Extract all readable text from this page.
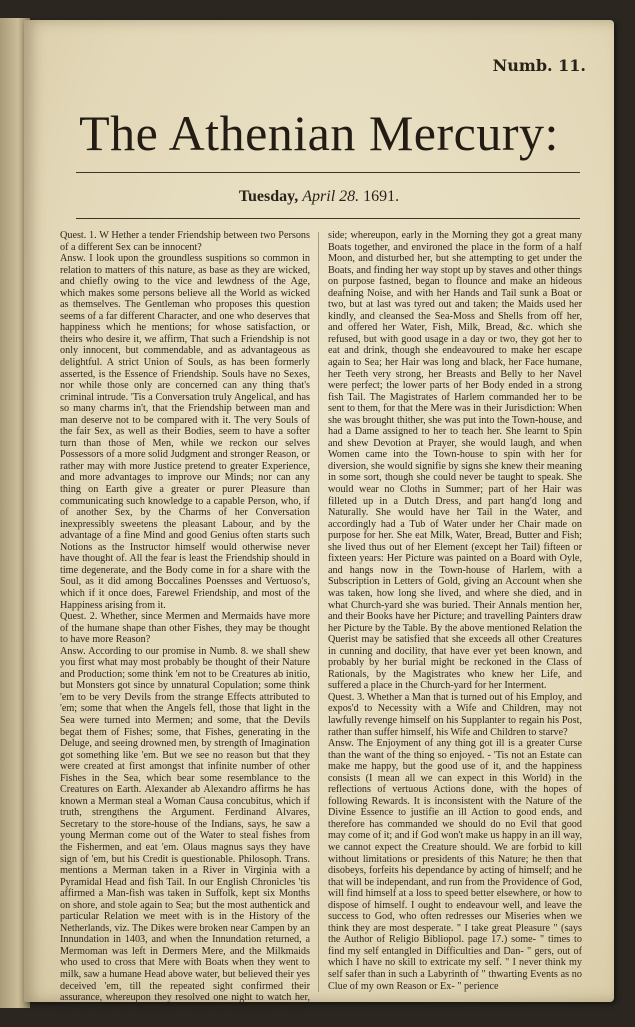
Numb. 11.
The Athenian Mercury:
Tuesday, April 28. 1691.

Quest. 1. W Hether a tender Friendship between two Persons of a different Sex can be innocent?

Answ. I look upon the groundless suspitions so common in relation to matters of this nature, as base as they are wicked, and chiefly owing to the vice and lewdness of the Age, which makes some persons believe all the World as wicked as themselves. The Gentleman who proposes this question seems of a far different Character, and one who deserves that happiness which he mentions; for whose satisfaction, or theirs who desire it, we affirm, That such a Friendship is not only innocent, but commendable, and as advantageous as delightful. A strict Union of Souls, as has been formerly asserted, is the Essence of Friendship. Souls have no Sexes, nor while those only are concerned can any thing that's criminal intrude. 'Tis a Conversation truly Angelical, and has so many charms in't, that the Friendship between man and man deserve not to be compared with it. The very Souls of the fair Sex, as well as their Bodies, seem to have a softer turn than those of Men, while we reckon our selves Possessors of a more solid Judgment and stronger Reason, or rather may with more Justice pretend to greater Experience, and more advantages to improve our Minds; nor can any thing on Earth give a greater or purer Pleasure than communicating such knowledge to a capable Person, who, if of another Sex, by the Charms of her Conversation inexpressibly sweetens the pleasant Labour, and by the advantage of a fine Mind and good Genius often starts such Notions as the Instructor himself would otherwise never have thought of. All the fear is least the Friendship should in time degenerate, and the Body come in for a share with the Soul, as it did among Boccalines Poensses and Vertuoso's, which if it once does, Farewel Friendship, and most of the Happiness arising from it.

Quest. 2. Whether, since Mermen and Mermaids have more of the humane shape than other Fishes, they may be thought to have more Reason?

Answ. According to our promise in Numb. 8. we shall shew you first what may most probably be thought of their Nature and Production; some think 'em not to be Creatures ab initio, but Monsters got since by unnatural Copulation; some think 'em to be very Devils from the strange Effects attributed to 'em; some that when the Angels fell, those that light in the Sea were turned into Mermen; and some, that the Devils begat them of Fishes; some, that Fishes, generating in the Deluge, and seeing drowned men, by strength of Imagination got something like 'em. But we see no reason but that they were created at first amongst that infinite number of other Fishes in the Sea, which bear some resemblance to the Creatures on Earth. Alexander ab Alexandro affirms he has known a Merman steal a Woman Causa concubitus, which if truth, strengthens the Argument. Ferdinand Alvares, Secretary to the store-house of the Indians, says, he saw a young Merman come out of the Water to steal fishes from the Fishermen, and eat 'em. Olaus magnus says they have sign of 'em, but his Credit is questionable. Philosoph. Trans. mentions a Merman taken in a River in Virginia with a Pyramidal Head and fish Tail. In our English Chronicles 'tis affirmed a Man-fish was taken in Suffolk, kept six Months on shore, and stole again to Sea; but the most authentick and particular Relation we meet with is in the History of the Netherlands, viz. The Dikes were broken near Campen by an Innundation in 1403, and when the Innundation returned, a Mermoman was left in Dermers Mere, and the Milkmaids who used to cross that Mere with Boats when they went to milk, saw a humane Head above water, but believed their yes deceived 'em, till the repeated sight confirmed their assurance, whereupon they resolved one night to watch her, and saw that she repaired to a Seggy or flaggy place, where it was ebb and near the

side; whereupon, early in the Morning they got a great many Boats together, and environed the place in the form of a half Moon, and disturbed her, but she attempting to get under the Boats, and finding her way stopt up by staves and other things on purpose fastned, began to flounce and make an hideous deafning Noise, and with her Hands and Tail sunk a Boat or two, but at last was tyred out and taken; the Maids used her kindly, and cleansed the Sea-Moss and Shells from off her, and offered her Water, Fish, Milk, Bread, &c. which she refused, but with good usage in a day or two, they got her to eat and drink, though she endeavoured to make her escape again to Sea; her Hair was long and black, her Face humane, her Teeth very strong, her Breasts and Belly to her Navel were perfect; the lower parts of her Body ended in a strong fish Tail. The Magistrates of Harlem commanded her to be sent to them, for that the Mere was in their Jurisdiction: When she was brought thither, she was put into the Town-house, and had a Dame assigned to her to teach her. She learnt to Spin and shew Devotion at Prayer, she would laugh, and when Women came into the Town-house to spin with her for diversion, she would signifie by signs she knew their meaning in some sort, though she could never be taught to speak. She would wear no Cloths in Summer; part of her Hair was filleted up in a Dutch Dress, and part hang'd long and Naturally. She would have her Tail in the Water, and accordingly had a Tub of Water under her Chair made on purpose for her. She eat Milk, Water, Bread, Butter and Fish; she lived thus out of her Element (except her Tail) fifteen or fixteen years: Her Picture was painted on a Board with Oyle, and hangs now in the Town-house of Harlem, with a Subscription in Letters of Gold, giving an Account when she was taken, how long she lived, and where she died, and in what Church-yard she was buried. Their Annals mention her, and their Books have her Picture; and travelling Painters draw her Picture by the Table. By the above mentioned Relation the Querist may be satisfied that she exceeds all other Creatures in cunning and docility, that have ever yet been known, and probably by her burial might be reckoned in the Class of Rationals, by the Magistrates who knew her Life, and suffered a place in the Church-yard for her Interment.

Quest. 3. Whether a Man that is turned out of his Employ, and expos'd to Necessity with a Wife and Children, may not lawfully revenge himself on his Supplanter to regain his Post, rather than suffer himself, his Wife and Children to starve?

Answ. The Enjoyment of any thing got ill is a greater Curse than the want of the thing so enjoyed. - 'Tis not an Estate can make me happy, but the good use of it, and the happiness consists (I mean all we can expect in this World) in the reflections of vertuous Actions done, with the hopes of following Rewards. It is inconsistent with the Nature of the Divine Essence to justifie an ill Action to good ends, and therefore has commanded we should do no Evil that good may come of it; and if God won't make us happy in an ill way, we cannot expect the Creature should. We are forbid to kill without limitations or presidents of this Nature; he then that disobeys, forfeits his dependance by acting of himself; and he that will be independant, and run from the Providence of God, will find himself at a loss to speed better elsewhere, or how to dispose of himself. I ought to endeavour well, and leave the success to God, who often redresses our Miseries when we think they are most desperate. " I take great Pleasure " (says the Author of Religio Bibliopol. page 17.) some- " times to find my self entangled in Difficulties and Dan- " gers, out of which I have no skill to extricate my self. " I never think my self safer than in such a Labyrinth of " thwarting Events as no Clue of my own Reason or Ex- " perience
